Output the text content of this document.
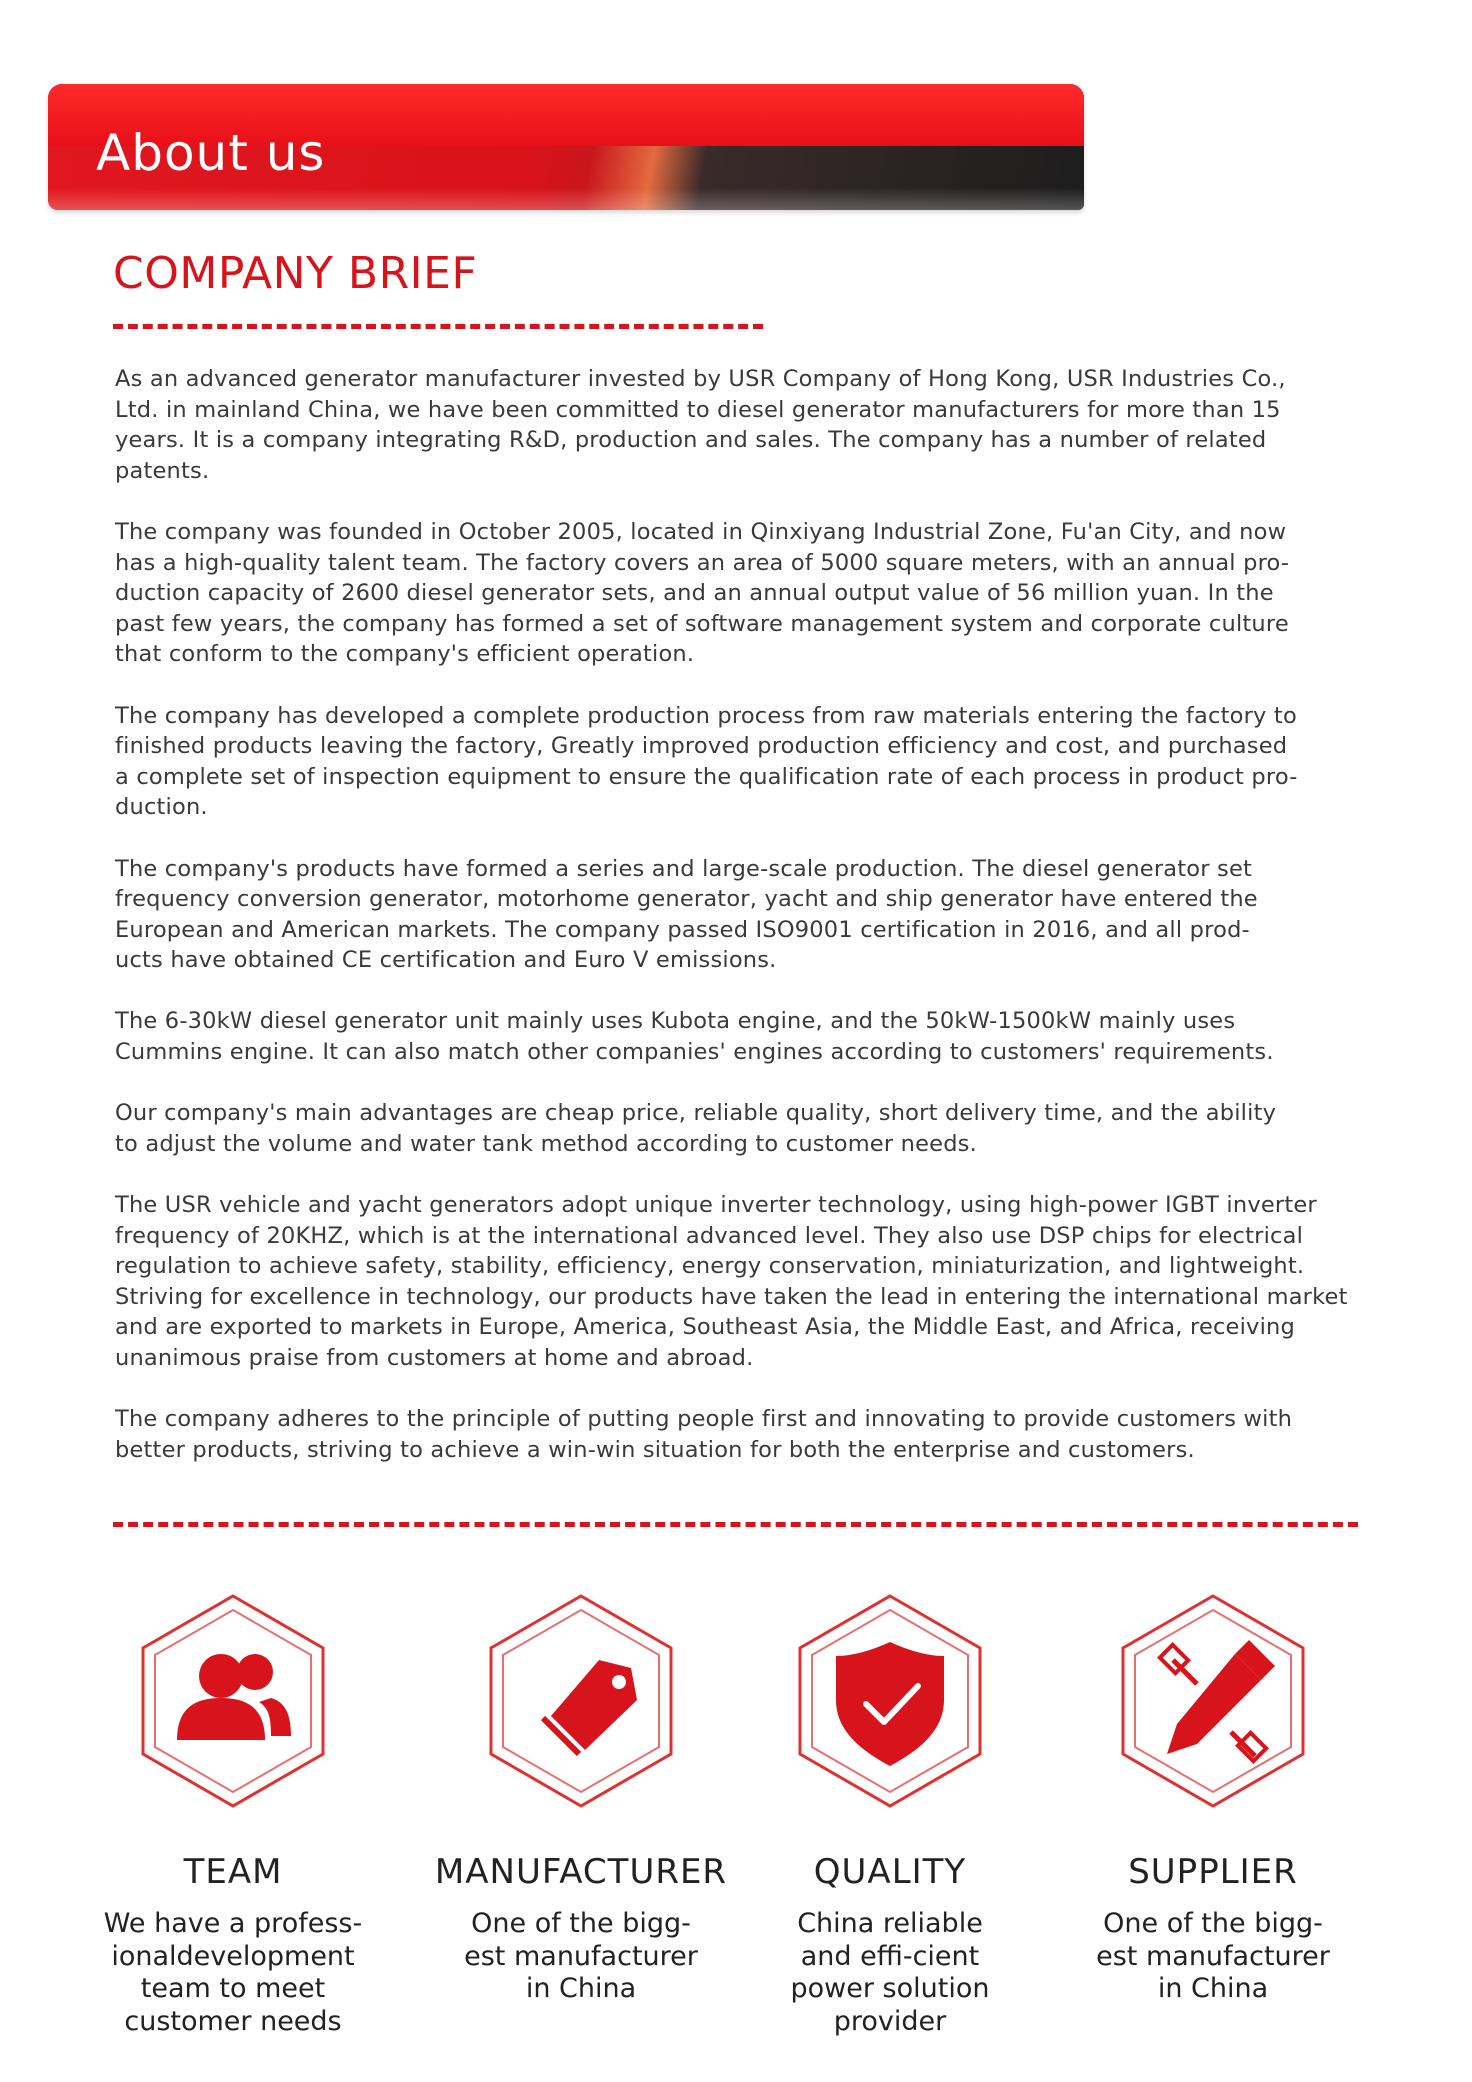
About us
COMPANY BRIEF

As an advanced generator manufacturer invested by USR Company of Hong Kong, USR Industries Co.,
Ltd. in mainland China, we have been committed to diesel generator manufacturers for more than 15
years. It is a company integrating R&D, production and sales. The company has a number of related
patents.

The company was founded in October 2005, located in Qinxiyang Industrial Zone, Fu'an City, and now
has a high-quality talent team. The factory covers an area of 5000 square meters, with an annual pro-
duction capacity of 2600 diesel generator sets, and an annual output value of 56 million yuan. In the
past few years, the company has formed a set of software management system and corporate culture
that conform to the company's efficient operation.

The company has developed a complete production process from raw materials entering the factory to
finished products leaving the factory, Greatly improved production efficiency and cost, and purchased
a complete set of inspection equipment to ensure the qualification rate of each process in product pro-
duction.

The company's products have formed a series and large-scale production. The diesel generator set
frequency conversion generator, motorhome generator, yacht and ship generator have entered the
European and American markets. The company passed ISO9001 certification in 2016, and all prod-
ucts have obtained CE certification and Euro V emissions.

The 6-30kW diesel generator unit mainly uses Kubota engine, and the 50kW-1500kW mainly uses
Cummins engine. It can also match other companies' engines according to customers' requirements.

Our company's main advantages are cheap price, reliable quality, short delivery time, and the ability
to adjust the volume and water tank method according to customer needs.

The USR vehicle and yacht generators adopt unique inverter technology, using high-power IGBT inverter
frequency of 20KHZ, which is at the international advanced level. They also use DSP chips for electrical
regulation to achieve safety, stability, efficiency, energy conservation, miniaturization, and lightweight.
Striving for excellence in technology, our products have taken the lead in entering the international market
and are exported to markets in Europe, America, Southeast Asia, the Middle East, and Africa, receiving
unanimous praise from customers at home and abroad.

The company adheres to the principle of putting people first and innovating to provide customers with
better products, striving to achieve a win-win situation for both the enterprise and customers.

TEAM
We have a profess-
ionaldevelopment
team to meet
customer needs
MANUFACTURER
One of the bigg-
est manufacturer
in China
QUALITY
China reliable
and effi-cient
power solution
provider
SUPPLIER
One of the bigg-
est manufacturer
in China
